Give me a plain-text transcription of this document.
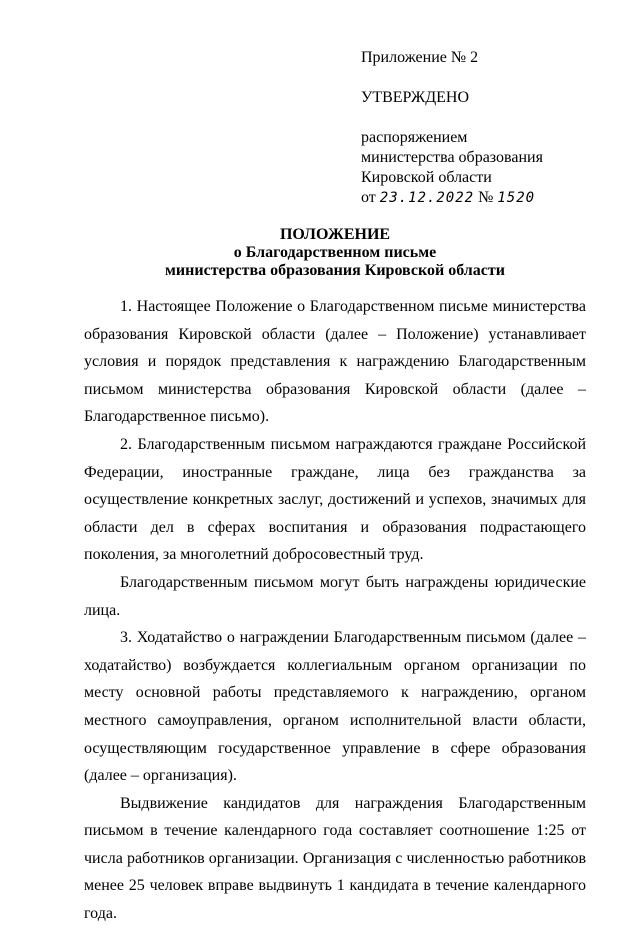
Приложение № 2
УТВЕРЖДЕНО
распоряжением
министерства образования
Кировской области
от 23.12.2022 № 1520
ПОЛОЖЕНИЕ
о Благодарственном письме
министерства образования Кировской области

1. Настоящее Положение о Благодарственном письме министерства образования Кировской области (далее – Положение) устанавливает условия и порядок представления к награждению Благодарственным письмом министерства образования Кировской области (далее – Благодарственное письмо).

2. Благодарственным письмом награждаются граждане Российской Федерации, иностранные граждане, лица без гражданства за осуществление конкретных заслуг, достижений и успехов, значимых для области дел в сферах воспитания и образования подрастающего поколения, за многолетний добросовестный труд.

Благодарственным письмом могут быть награждены юридические лица.

3. Ходатайство о награждении Благодарственным письмом (далее – ходатайство) возбуждается коллегиальным органом организации по месту основной работы представляемого к награждению, органом местного самоуправления, органом исполнительной власти области, осуществляющим государственное управление в сфере образования (далее – организация).

Выдвижение кандидатов для награждения Благодарственным письмом в течение календарного года составляет соотношение 1:25 от числа работников организации. Организация с численностью работников менее 25 человек вправе выдвинуть 1 кандидата в течение календарного года.
